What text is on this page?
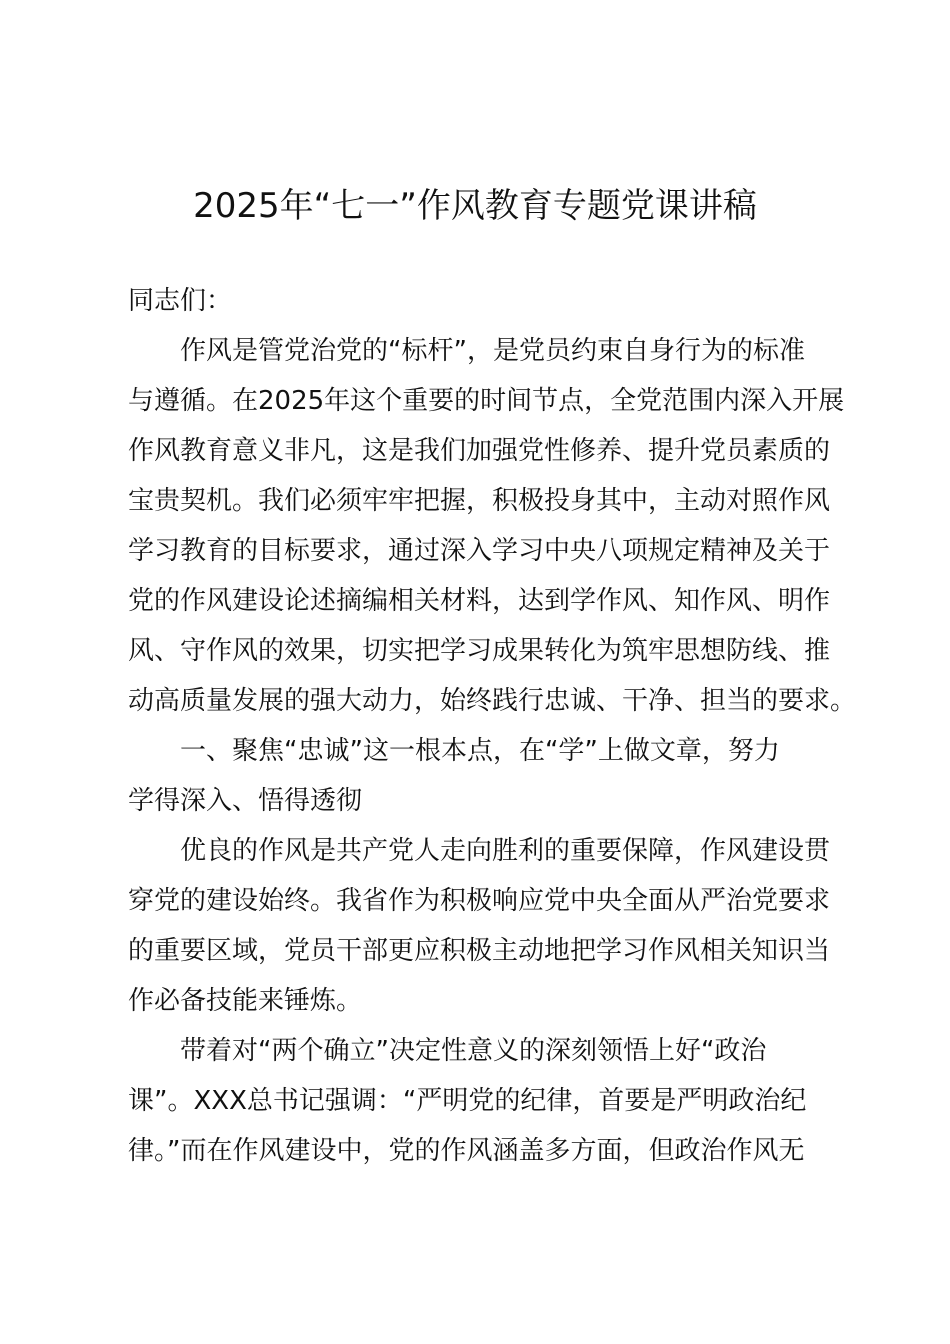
2025年“七一”作风教育专题党课讲稿
同志们：
作风是管党治党的“标杆”，是党员约束自身行为的标准
与遵循。在2025年这个重要的时间节点，全党范围内深入开展
作风教育意义非凡，这是我们加强党性修养、提升党员素质的
宝贵契机。我们必须牢牢把握，积极投身其中，主动对照作风
学习教育的目标要求，通过深入学习中央八项规定精神及关于
党的作风建设论述摘编相关材料，达到学作风、知作风、明作
风、守作风的效果，切实把学习成果转化为筑牢思想防线、推
动高质量发展的强大动力，始终践行忠诚、干净、担当的要求。
一、聚焦“忠诚”这一根本点，在“学”上做文章，努力
学得深入、悟得透彻
优良的作风是共产党人走向胜利的重要保障，作风建设贯
穿党的建设始终。我省作为积极响应党中央全面从严治党要求
的重要区域，党员干部更应积极主动地把学习作风相关知识当
作必备技能来锤炼。
带着对“两个确立”决定性意义的深刻领悟上好“政治
课”。XXX总书记强调：“严明党的纪律，首要是严明政治纪
律。”而在作风建设中，党的作风涵盖多方面，但政治作风无
